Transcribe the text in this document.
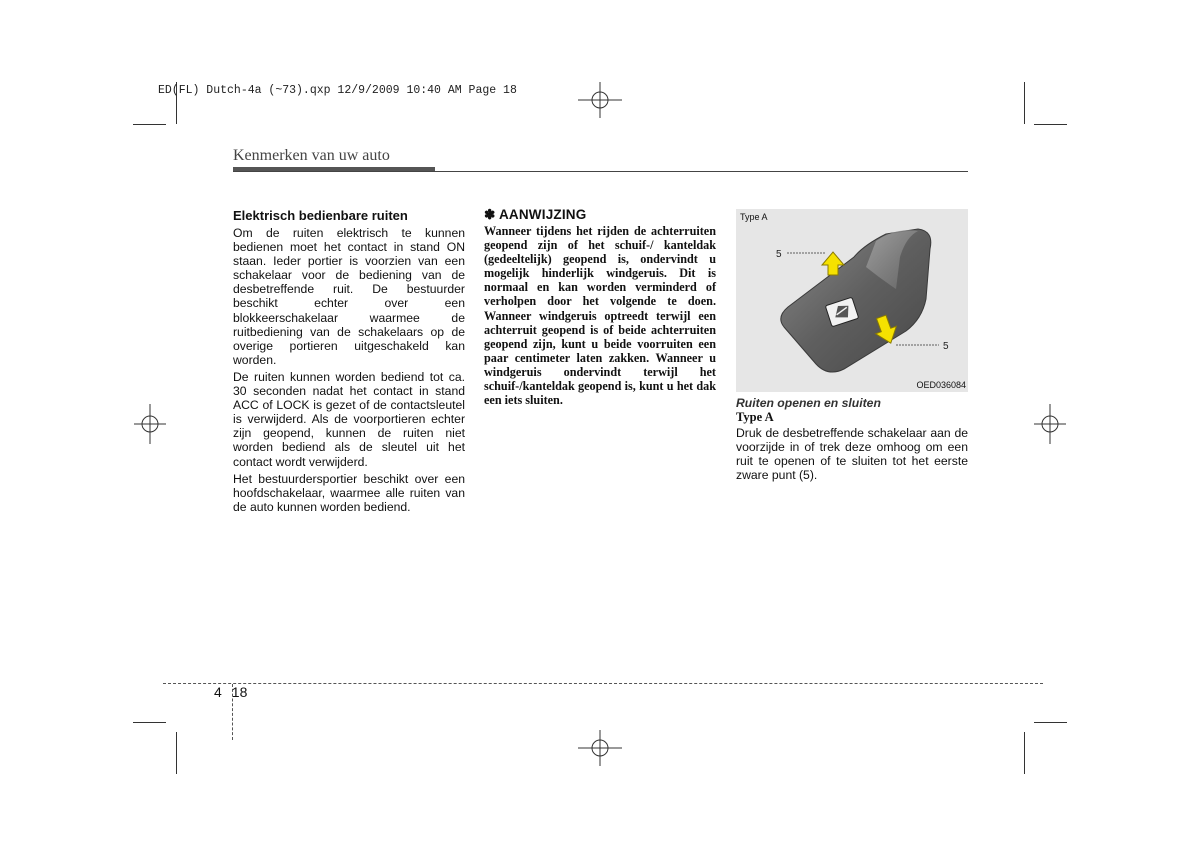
ED(FL) Dutch-4a (~73).qxp 12/9/2009 10:40 AM Page 18
Kenmerken van uw auto
Elektrisch bedienbare ruiten

Om de ruiten elektrisch te kunnen bedienen moet het contact in stand ON staan. Ieder portier is voorzien van een schakelaar voor de bediening van de desbetreffende ruit. De bestuurder beschikt echter over een blokkeerschakelaar waarmee de ruitbediening van de schakelaars op de overige portieren uitgeschakeld kan worden.

De ruiten kunnen worden bediend tot ca. 30 seconden nadat het contact in stand ACC of LOCK is gezet of de contactsleutel is verwijderd. Als de voorportieren echter zijn geopend, kunnen de ruiten niet worden bediend als de sleutel uit het contact wordt verwijderd.

Het bestuurdersportier beschikt over een hoofdschakelaar, waarmee alle ruiten van de auto kunnen worden bediend.

✽ AANWIJZING

Wanneer tijdens het rijden de achterruiten geopend zijn of het schuif-/ kanteldak (gedeeltelijk) geopend is, ondervindt u mogelijk hinderlijk windgeruis. Dit is normaal en kan worden verminderd of verholpen door het volgende te doen. Wanneer windgeruis optreedt terwijl een achterruit geopend is of beide achterruiten geopend zijn, kunt u beide voorruiten een paar centimeter laten zakken. Wanneer u windgeruis ondervindt terwijl het schuif-/kanteldak geopend is, kunt u het dak een iets sluiten.

Type A
5
5
OED036084

Ruiten openen en sluiten

Type A

Druk de desbetreffende schakelaar aan de voorzijde in of trek deze omhoog om een ruit te openen of te sluiten tot het eerste zware punt (5).

4 18
